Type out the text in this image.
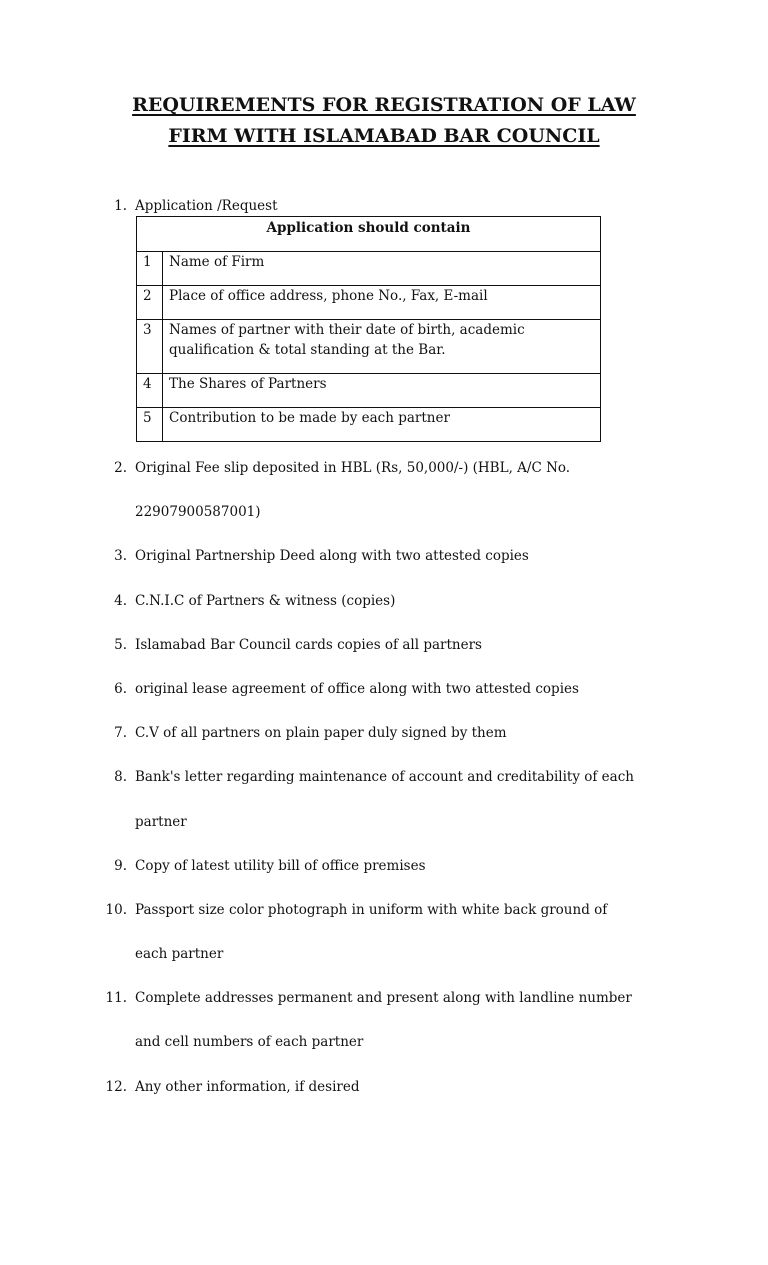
REQUIREMENTS FOR REGISTRATION OF LAW
FIRM WITH ISLAMABAD BAR COUNCIL
1. Application /Request
Application should contain	
1	Name of Firm
2	Place of office address, phone No., Fax, E-mail
3	Names of partner with their date of birth, academic
qualification & total standing at the Bar.
4	The Shares of Partners
5	Contribution to be made by each partner
2. Original Fee slip deposited in HBL (Rs, 50,000/-) (HBL, A/C No.
22907900587001)
3. Original Partnership Deed along with two attested copies
4. C.N.I.C of Partners & witness (copies)
5. Islamabad Bar Council cards copies of all partners
6. original lease agreement of office along with two attested copies
7. C.V of all partners on plain paper duly signed by them
8. Bank's letter regarding maintenance of account and creditability of each
partner
9. Copy of latest utility bill of office premises
10. Passport size color photograph in uniform with white back ground of
each partner
11. Complete addresses permanent and present along with landline number
and cell numbers of each partner
12. Any other information, if desired
